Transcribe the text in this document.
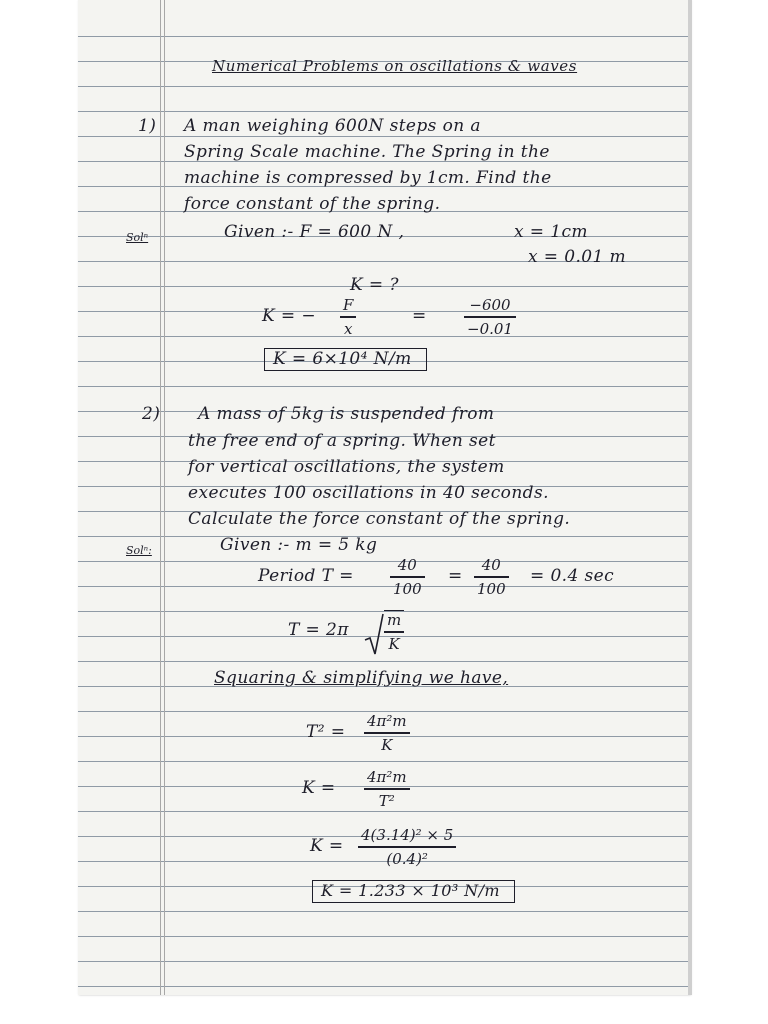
Numerical Problems on oscillations & waves
1) A man weighing 600N steps on a
Spring Scale machine. The Spring in the
machine is compressed by 1cm. Find the
force constant of the spring.
Solⁿ	Given :- F = 600 N ,	x = 1cm
x = 0.01 m
K = ?
K = −
F
x
=
−600
−0.01
K = 6×10⁴ N/m
2) A mass of 5kg is suspended from
the free end of a spring. When set
for vertical oscillations, the system
executes 100 oscillations in 40 seconds.
Calculate the force constant of the spring.
Solⁿ:	Given :- m = 5 kg
Period T =
40
100
=
40
100
= 0.4 sec
T = 2π	m
K
Squaring & simplifying we have,
T² =
4π²m
K
K =
4π²m
T²
K =
4(3.14)² × 5
(0.4)²
K = 1.233 × 10³ N/m
